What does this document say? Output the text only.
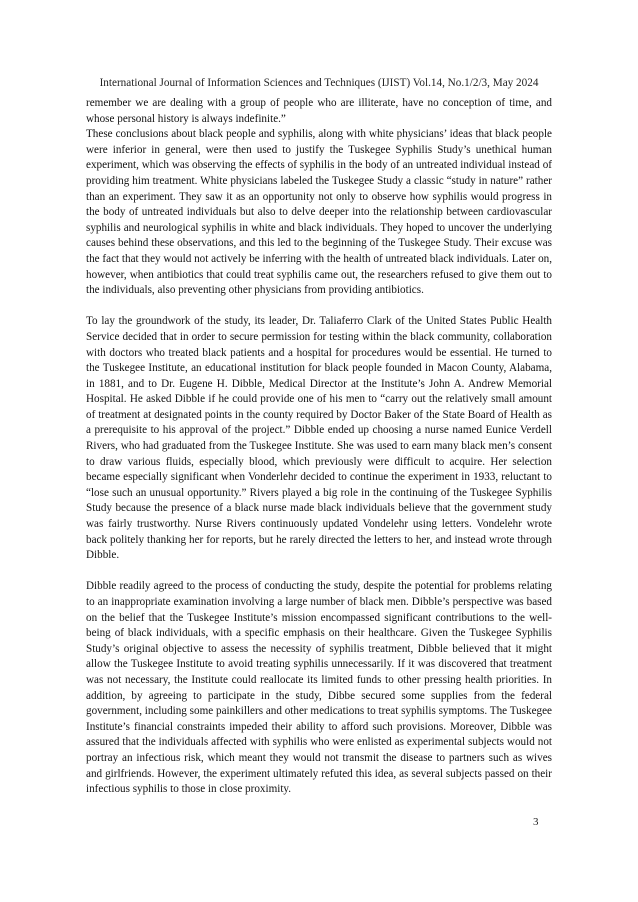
International Journal of Information Sciences and Techniques (IJIST) Vol.14, No.1/2/3, May 2024

remember we are dealing with a group of people who are illiterate, have no conception of time, and whose personal history is always indefinite.”

These conclusions about black people and syphilis, along with white physicians’ ideas that black people were inferior in general, were then used to justify the Tuskegee Syphilis Study’s unethical human experiment, which was observing the effects of syphilis in the body of an untreated individual instead of providing him treatment. White physicians labeled the Tuskegee Study a classic “study in nature” rather than an experiment. They saw it as an opportunity not only to observe how syphilis would progress in the body of untreated individuals but also to delve deeper into the relationship between cardiovascular syphilis and neurological syphilis in white and black individuals. They hoped to uncover the underlying causes behind these observations, and this led to the beginning of the Tuskegee Study. Their excuse was the fact that they would not actively be inferring with the health of untreated black individuals. Later on, however, when antibiotics that could treat syphilis came out, the researchers refused to give them out to the individuals, also preventing other physicians from providing antibiotics.

To lay the groundwork of the study, its leader, Dr. Taliaferro Clark of the United States Public Health Service decided that in order to secure permission for testing within the black community, collaboration with doctors who treated black patients and a hospital for procedures would be essential. He turned to the Tuskegee Institute, an educational institution for black people founded in Macon County, Alabama, in 1881, and to Dr. Eugene H. Dibble, Medical Director at the Institute’s John A. Andrew Memorial Hospital. He asked Dibble if he could provide one of his men to “carry out the relatively small amount of treatment at designated points in the county required by Doctor Baker of the State Board of Health as a prerequisite to his approval of the project.” Dibble ended up choosing a nurse named Eunice Verdell Rivers, who had graduated from the Tuskegee Institute. She was used to earn many black men’s consent to draw various fluids, especially blood, which previously were difficult to acquire. Her selection became especially significant when Vonderlehr decided to continue the experiment in 1933, reluctant to “lose such an unusual opportunity.” Rivers played a big role in the continuing of the Tuskegee Syphilis Study because the presence of a black nurse made black individuals believe that the government study was fairly trustworthy. Nurse Rivers continuously updated Vondelehr using letters. Vondelehr wrote back politely thanking her for reports, but he rarely directed the letters to her, and instead wrote through Dibble.

Dibble readily agreed to the process of conducting the study, despite the potential for problems relating to an inappropriate examination involving a large number of black men. Dibble’s perspective was based on the belief that the Tuskegee Institute’s mission encompassed significant contributions to the well-being of black individuals, with a specific emphasis on their healthcare. Given the Tuskegee Syphilis Study’s original objective to assess the necessity of syphilis treatment, Dibble believed that it might allow the Tuskegee Institute to avoid treating syphilis unnecessarily. If it was discovered that treatment was not necessary, the Institute could reallocate its limited funds to other pressing health priorities. In addition, by agreeing to participate in the study, Dibbe secured some supplies from the federal government, including some painkillers and other medications to treat syphilis symptoms. The Tuskegee Institute’s financial constraints impeded their ability to afford such provisions. Moreover, Dibble was assured that the individuals affected with syphilis who were enlisted as experimental subjects would not portray an infectious risk, which meant they would not transmit the disease to partners such as wives and girlfriends. However, the experiment ultimately refuted this idea, as several subjects passed on their infectious syphilis to those in close proximity.

3
